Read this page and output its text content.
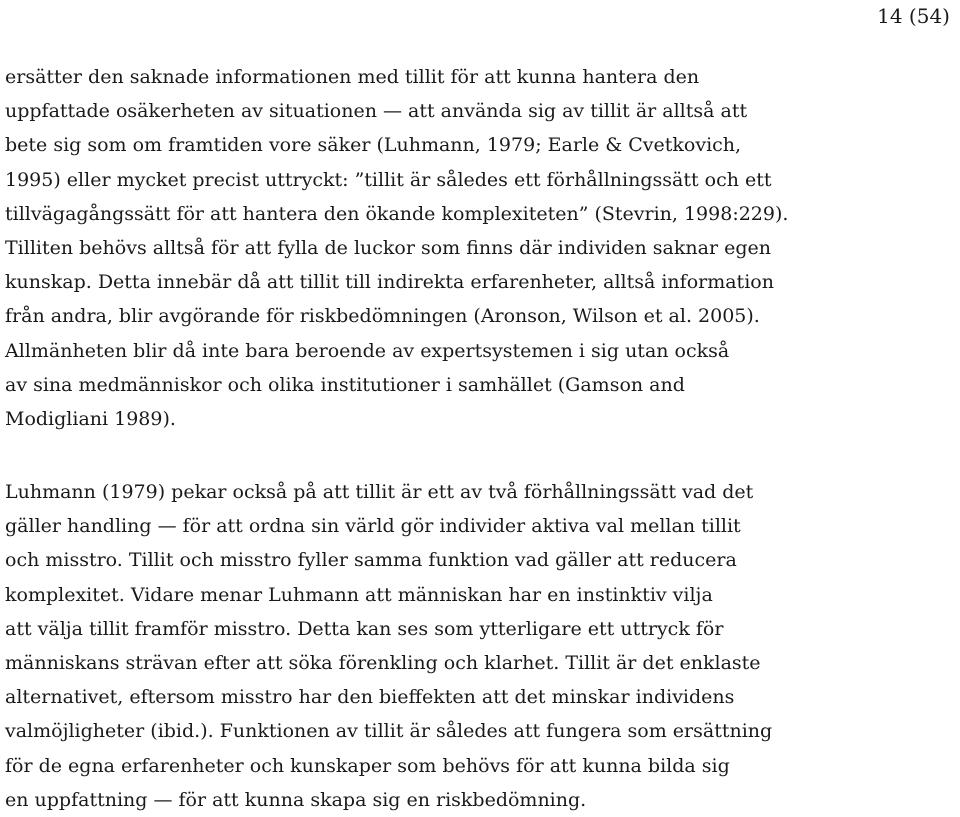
14 (54)
ersätter den saknade informationen med tillit för att kunna hantera den
uppfattade osäkerheten av situationen — att använda sig av tillit är alltså att
bete sig som om framtiden vore säker (Luhmann, 1979; Earle & Cvetkovich,
1995) eller mycket precist uttryckt: ”tillit är således ett förhållningssätt och ett
tillvägagångssätt för att hantera den ökande komplexiteten” (Stevrin, 1998:229).
Tilliten behövs alltså för att fylla de luckor som finns där individen saknar egen
kunskap. Detta innebär då att tillit till indirekta erfarenheter, alltså information
från andra, blir avgörande för riskbedömningen (Aronson, Wilson et al. 2005).
Allmänheten blir då inte bara beroende av expertsystemen i sig utan också
av sina medmänniskor och olika institutioner i samhället (Gamson and
Modigliani 1989).
Luhmann (1979) pekar också på att tillit är ett av två förhållningssätt vad det
gäller handling — för att ordna sin värld gör individer aktiva val mellan tillit
och misstro. Tillit och misstro fyller samma funktion vad gäller att reducera
komplexitet. Vidare menar Luhmann att människan har en instinktiv vilja
att välja tillit framför misstro. Detta kan ses som ytterligare ett uttryck för
människans strävan efter att söka förenkling och klarhet. Tillit är det enklaste
alternativet, eftersom misstro har den bieffekten att det minskar individens
valmöjligheter (ibid.). Funktionen av tillit är således att fungera som ersättning
för de egna erfarenheter och kunskaper som behövs för att kunna bilda sig
en uppfattning — för att kunna skapa sig en riskbedömning.
